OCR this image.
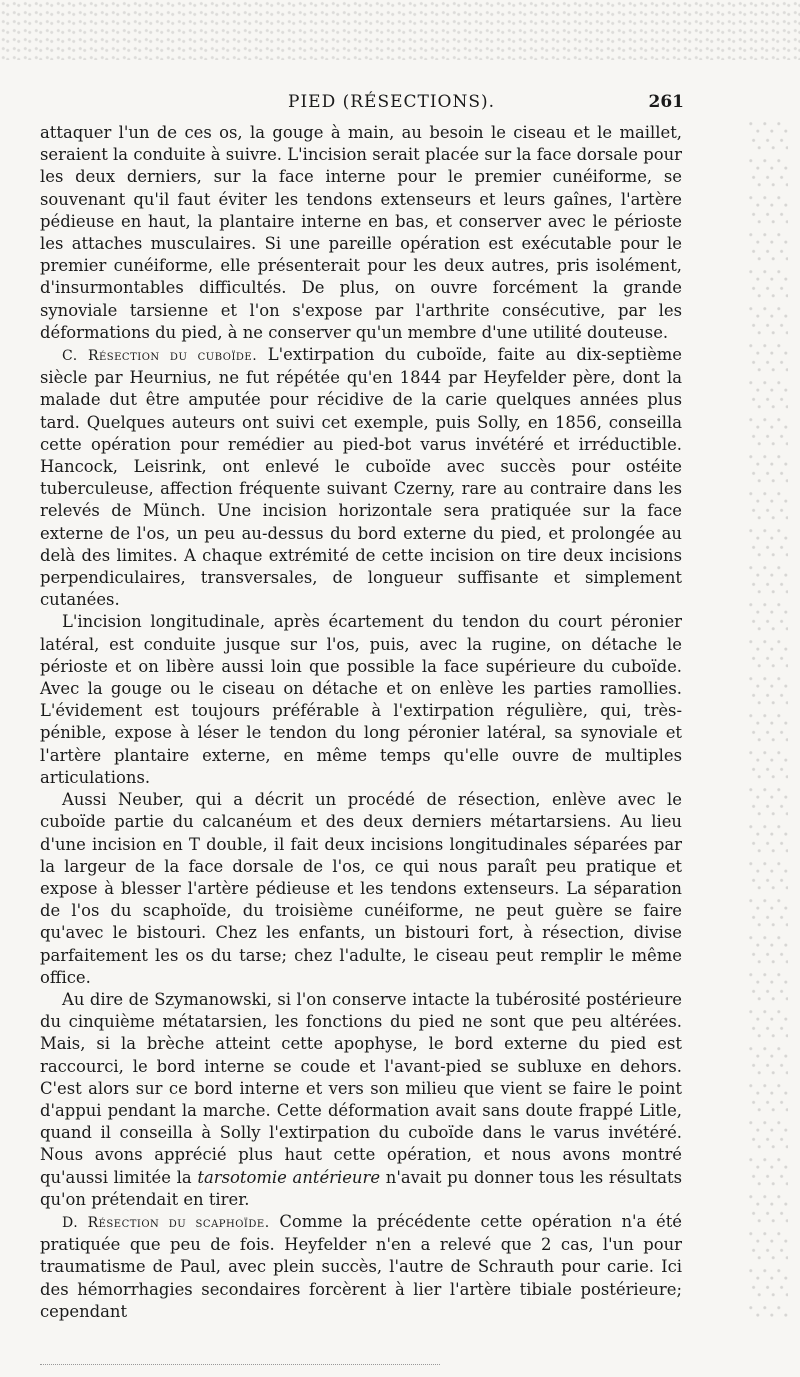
PIED (RÉSECTIONS).	261

attaquer l'un de ces os, la gouge à main, au besoin le ciseau et le maillet, seraient la conduite à suivre. L'incision serait placée sur la face dorsale pour les deux derniers, sur la face interne pour le premier cunéiforme, se souvenant qu'il faut éviter les tendons extenseurs et leurs gaînes, l'artère pédieuse en haut, la plantaire interne en bas, et conserver avec le périoste les attaches musculaires. Si une pareille opération est exécutable pour le premier cunéiforme, elle présenterait pour les deux autres, pris isolément, d'insurmontables difficultés. De plus, on ouvre forcément la grande synoviale tarsienne et l'on s'expose par l'arthrite consécutive, par les déformations du pied, à ne conserver qu'un membre d'une utilité douteuse.

C. Résection du cuboïde. L'extirpation du cuboïde, faite au dix-septième siècle par Heurnius, ne fut répétée qu'en 1844 par Heyfelder père, dont la malade dut être amputée pour récidive de la carie quelques années plus tard. Quelques auteurs ont suivi cet exemple, puis Solly, en 1856, conseilla cette opération pour remédier au pied-bot varus invétéré et irréductible. Hancock, Leisrink, ont enlevé le cuboïde avec succès pour ostéite tuberculeuse, affection fréquente suivant Czerny, rare au contraire dans les relevés de Münch. Une incision horizontale sera pratiquée sur la face externe de l'os, un peu au-dessus du bord externe du pied, et prolongée au delà des limites. A chaque extrémité de cette incision on tire deux incisions perpendiculaires, transversales, de longueur suffisante et simplement cutanées.

L'incision longitudinale, après écartement du tendon du court péronier latéral, est conduite jusque sur l'os, puis, avec la rugine, on détache le périoste et on libère aussi loin que possible la face supérieure du cuboïde. Avec la gouge ou le ciseau on détache et on enlève les parties ramollies. L'évidement est toujours préférable à l'extirpation régulière, qui, très-pénible, expose à léser le tendon du long péronier latéral, sa synoviale et l'artère plantaire externe, en même temps qu'elle ouvre de multiples articulations.

Aussi Neuber, qui a décrit un procédé de résection, enlève avec le cuboïde partie du calcanéum et des deux derniers métartarsiens. Au lieu d'une incision en T double, il fait deux incisions longitudinales séparées par la largeur de la face dorsale de l'os, ce qui nous paraît peu pratique et expose à blesser l'artère pédieuse et les tendons extenseurs. La séparation de l'os du scaphoïde, du troisième cunéiforme, ne peut guère se faire qu'avec le bistouri. Chez les enfants, un bistouri fort, à résection, divise parfaitement les os du tarse; chez l'adulte, le ciseau peut remplir le même office.

Au dire de Szymanowski, si l'on conserve intacte la tubérosité postérieure du cinquième métatarsien, les fonctions du pied ne sont que peu altérées. Mais, si la brèche atteint cette apophyse, le bord externe du pied est raccourci, le bord interne se coude et l'avant-pied se subluxe en dehors. C'est alors sur ce bord interne et vers son milieu que vient se faire le point d'appui pendant la marche. Cette déformation avait sans doute frappé Litle, quand il conseilla à Solly l'extirpation du cuboïde dans le varus invétéré. Nous avons apprécié plus haut cette opération, et nous avons montré qu'aussi limitée la tarsotomie antérieure n'avait pu donner tous les résultats qu'on prétendait en tirer.

D. Résection du scaphoïde. Comme la précédente cette opération n'a été pratiquée que peu de fois. Heyfelder n'en a relevé que 2 cas, l'un pour traumatisme de Paul, avec plein succès, l'autre de Schrauth pour carie. Ici des hémorrhagies secondaires forcèrent à lier l'artère tibiale postérieure; cependant
